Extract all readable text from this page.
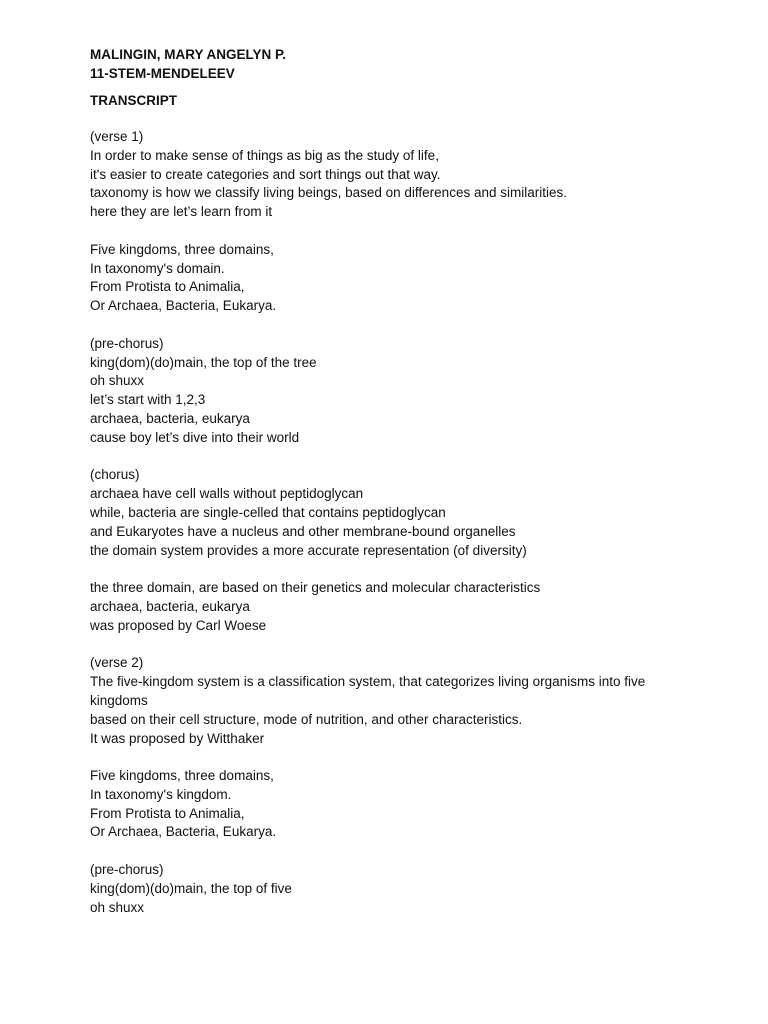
MALINGIN, MARY ANGELYN P.
11-STEM-MENDELEEV
TRANSCRIPT
(verse 1)
In order to make sense of things as big as the study of life,
it's easier to create categories and sort things out that way.
taxonomy is how we classify living beings, based on differences and similarities.
here they are let’s learn from it
Five kingdoms, three domains,
In taxonomy's domain.
From Protista to Animalia,
Or Archaea, Bacteria, Eukarya.
(pre-chorus)
king(dom)(do)main, the top of the tree
oh shuxx
let’s start with 1,2,3
archaea, bacteria, eukarya
cause boy let’s dive into their world
(chorus)
archaea have cell walls without peptidoglycan
while, bacteria are single-celled that contains peptidoglycan
and Eukaryotes have a nucleus and other membrane-bound organelles
the domain system provides a more accurate representation (of diversity)
the three domain, are based on their genetics and molecular characteristics
archaea, bacteria, eukarya
was proposed by Carl Woese
(verse 2)
The five-kingdom system is a classification system, that categorizes living organisms into five
kingdoms
based on their cell structure, mode of nutrition, and other characteristics.
It was proposed by Witthaker
Five kingdoms, three domains,
In taxonomy's kingdom.
From Protista to Animalia,
Or Archaea, Bacteria, Eukarya.
(pre-chorus)
king(dom)(do)main, the top of five
oh shuxx
